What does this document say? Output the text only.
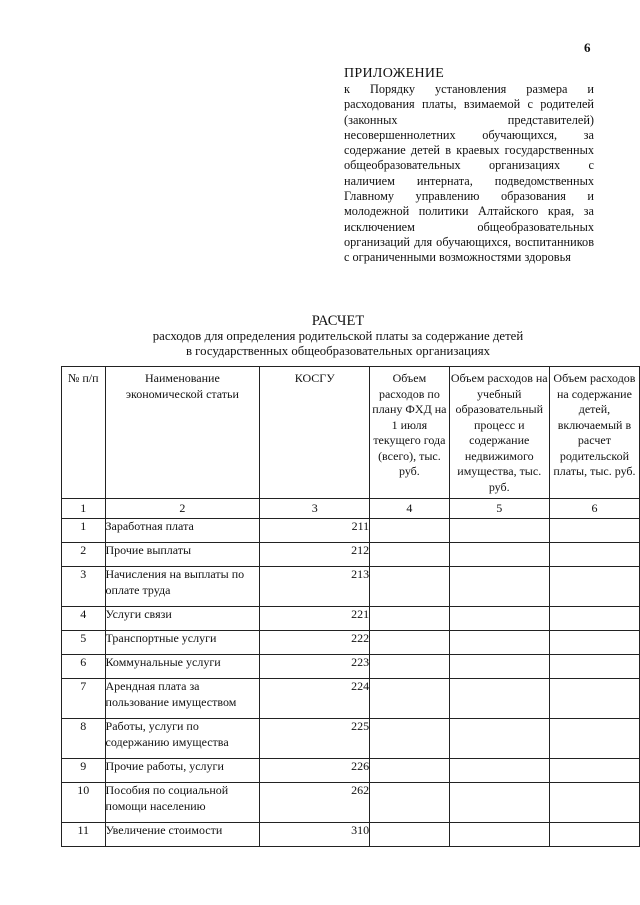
6
ПРИЛОЖЕНИЕ
к Порядку установления размера и расходования платы, взимаемой с родителей (законных представителей) несовершеннолетних обучающихся, за содержание детей в краевых государственных общеобразовательных организациях с наличием интерната, подведомственных Главному управлению образования и молодежной политики Алтайского края, за исключением общеобразовательных организаций для обучающихся, воспитанников с ограниченными возможностями здоровья
РАСЧЕТ
расходов для определения родительской платы за содержание детей
в государственных общеобразовательных организациях
№ п/п	Наименование экономической статьи	КОСГУ	Объем расходов по плану ФХД на 1 июля текущего года (всего), тыс. руб.	Объем расходов на учебный образовательный процесс и содержание недвижимого имущества, тыс. руб.	Объем расходов на содержание детей, включаемый в расчет родительской платы, тыс. руб.
1	2	3	4	5	6
1	Заработная плата	211			
2	Прочие выплаты	212			
3	Начисления на выплаты по оплате труда	213			
4	Услуги связи	221			
5	Транспортные услуги	222			
6	Коммунальные услуги	223			
7	Арендная плата за пользование имуществом	224			
8	Работы, услуги по содержанию имущества	225			
9	Прочие работы, услуги	226			
10	Пособия по социальной помощи населению	262			
11	Увеличение стоимости	310			
